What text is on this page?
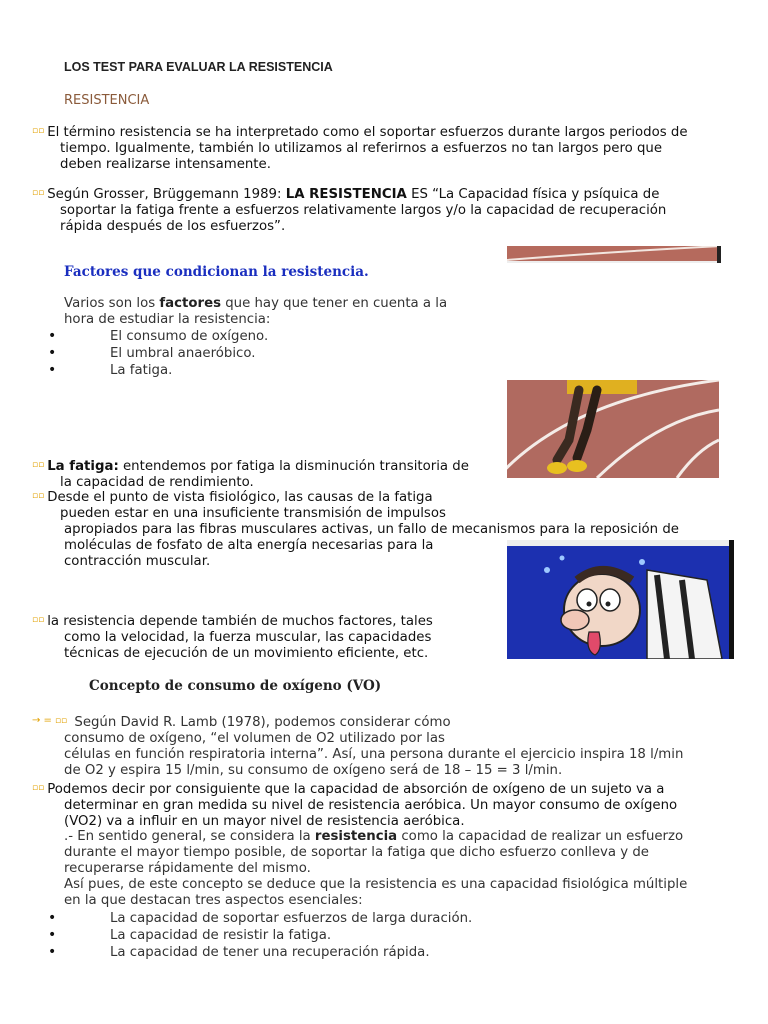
LOS TEST PARA EVALUAR LA RESISTENCIA
RESISTENCIA
▫▫ El término resistencia se ha interpretado como el soportar esfuerzos durante largos periodos de
tiempo. Igualmente, también lo utilizamos al referirnos a esfuerzos no tan largos pero que
deben realizarse intensamente.
▫▫ Según Grosser, Brüggemann 1989: LA RESISTENCIA ES “La Capacidad física y psíquica de
soportar la fatiga frente a esfuerzos relativamente largos y/o la capacidad de recuperación
rápida después de los esfuerzos”.
Factores que condicionan la resistencia.
Varios son los factores que hay que tener en cuenta a la
hora de estudiar la resistencia:
• El consumo de oxígeno.
• El umbral anaeróbico.
• La fatiga.
▫▫ La fatiga: entendemos por fatiga la disminución transitoria de
la capacidad de rendimiento.
▫▫ Desde el punto de vista fisiológico, las causas de la fatiga
pueden estar en una insuficiente transmisión de impulsos
apropiados para las fibras musculares activas, un fallo de mecanismos para la reposición de
moléculas de fosfato de alta energía necesarias para la
contracción muscular.
▫▫ la resistencia depende también de muchos factores, tales
como la velocidad, la fuerza muscular, las capacidades
técnicas de ejecución de un movimiento eficiente, etc.
Concepto de consumo de oxígeno (VO)
→ = ▫▫ Según David R. Lamb (1978), podemos considerar cómo
consumo de oxígeno, “el volumen de O2 utilizado por las
células en función respiratoria interna”. Así, una persona durante el ejercicio inspira 18 l/min
de O2 y espira 15 l/min, su consumo de oxígeno será de 18 – 15 = 3 l/min.
▫▫ Podemos decir por consiguiente que la capacidad de absorción de oxígeno de un sujeto va a
determinar en gran medida su nivel de resistencia aeróbica. Un mayor consumo de oxígeno
(VO2) va a influir en un mayor nivel de resistencia aeróbica.
.- En sentido general, se considera la resistencia como la capacidad de realizar un esfuerzo
durante el mayor tiempo posible, de soportar la fatiga que dicho esfuerzo conlleva y de
recuperarse rápidamente del mismo.
Así pues, de este concepto se deduce que la resistencia es una capacidad fisiológica múltiple
en la que destacan tres aspectos esenciales:
• La capacidad de soportar esfuerzos de larga duración.
• La capacidad de resistir la fatiga.
• La capacidad de tener una recuperación rápida.
